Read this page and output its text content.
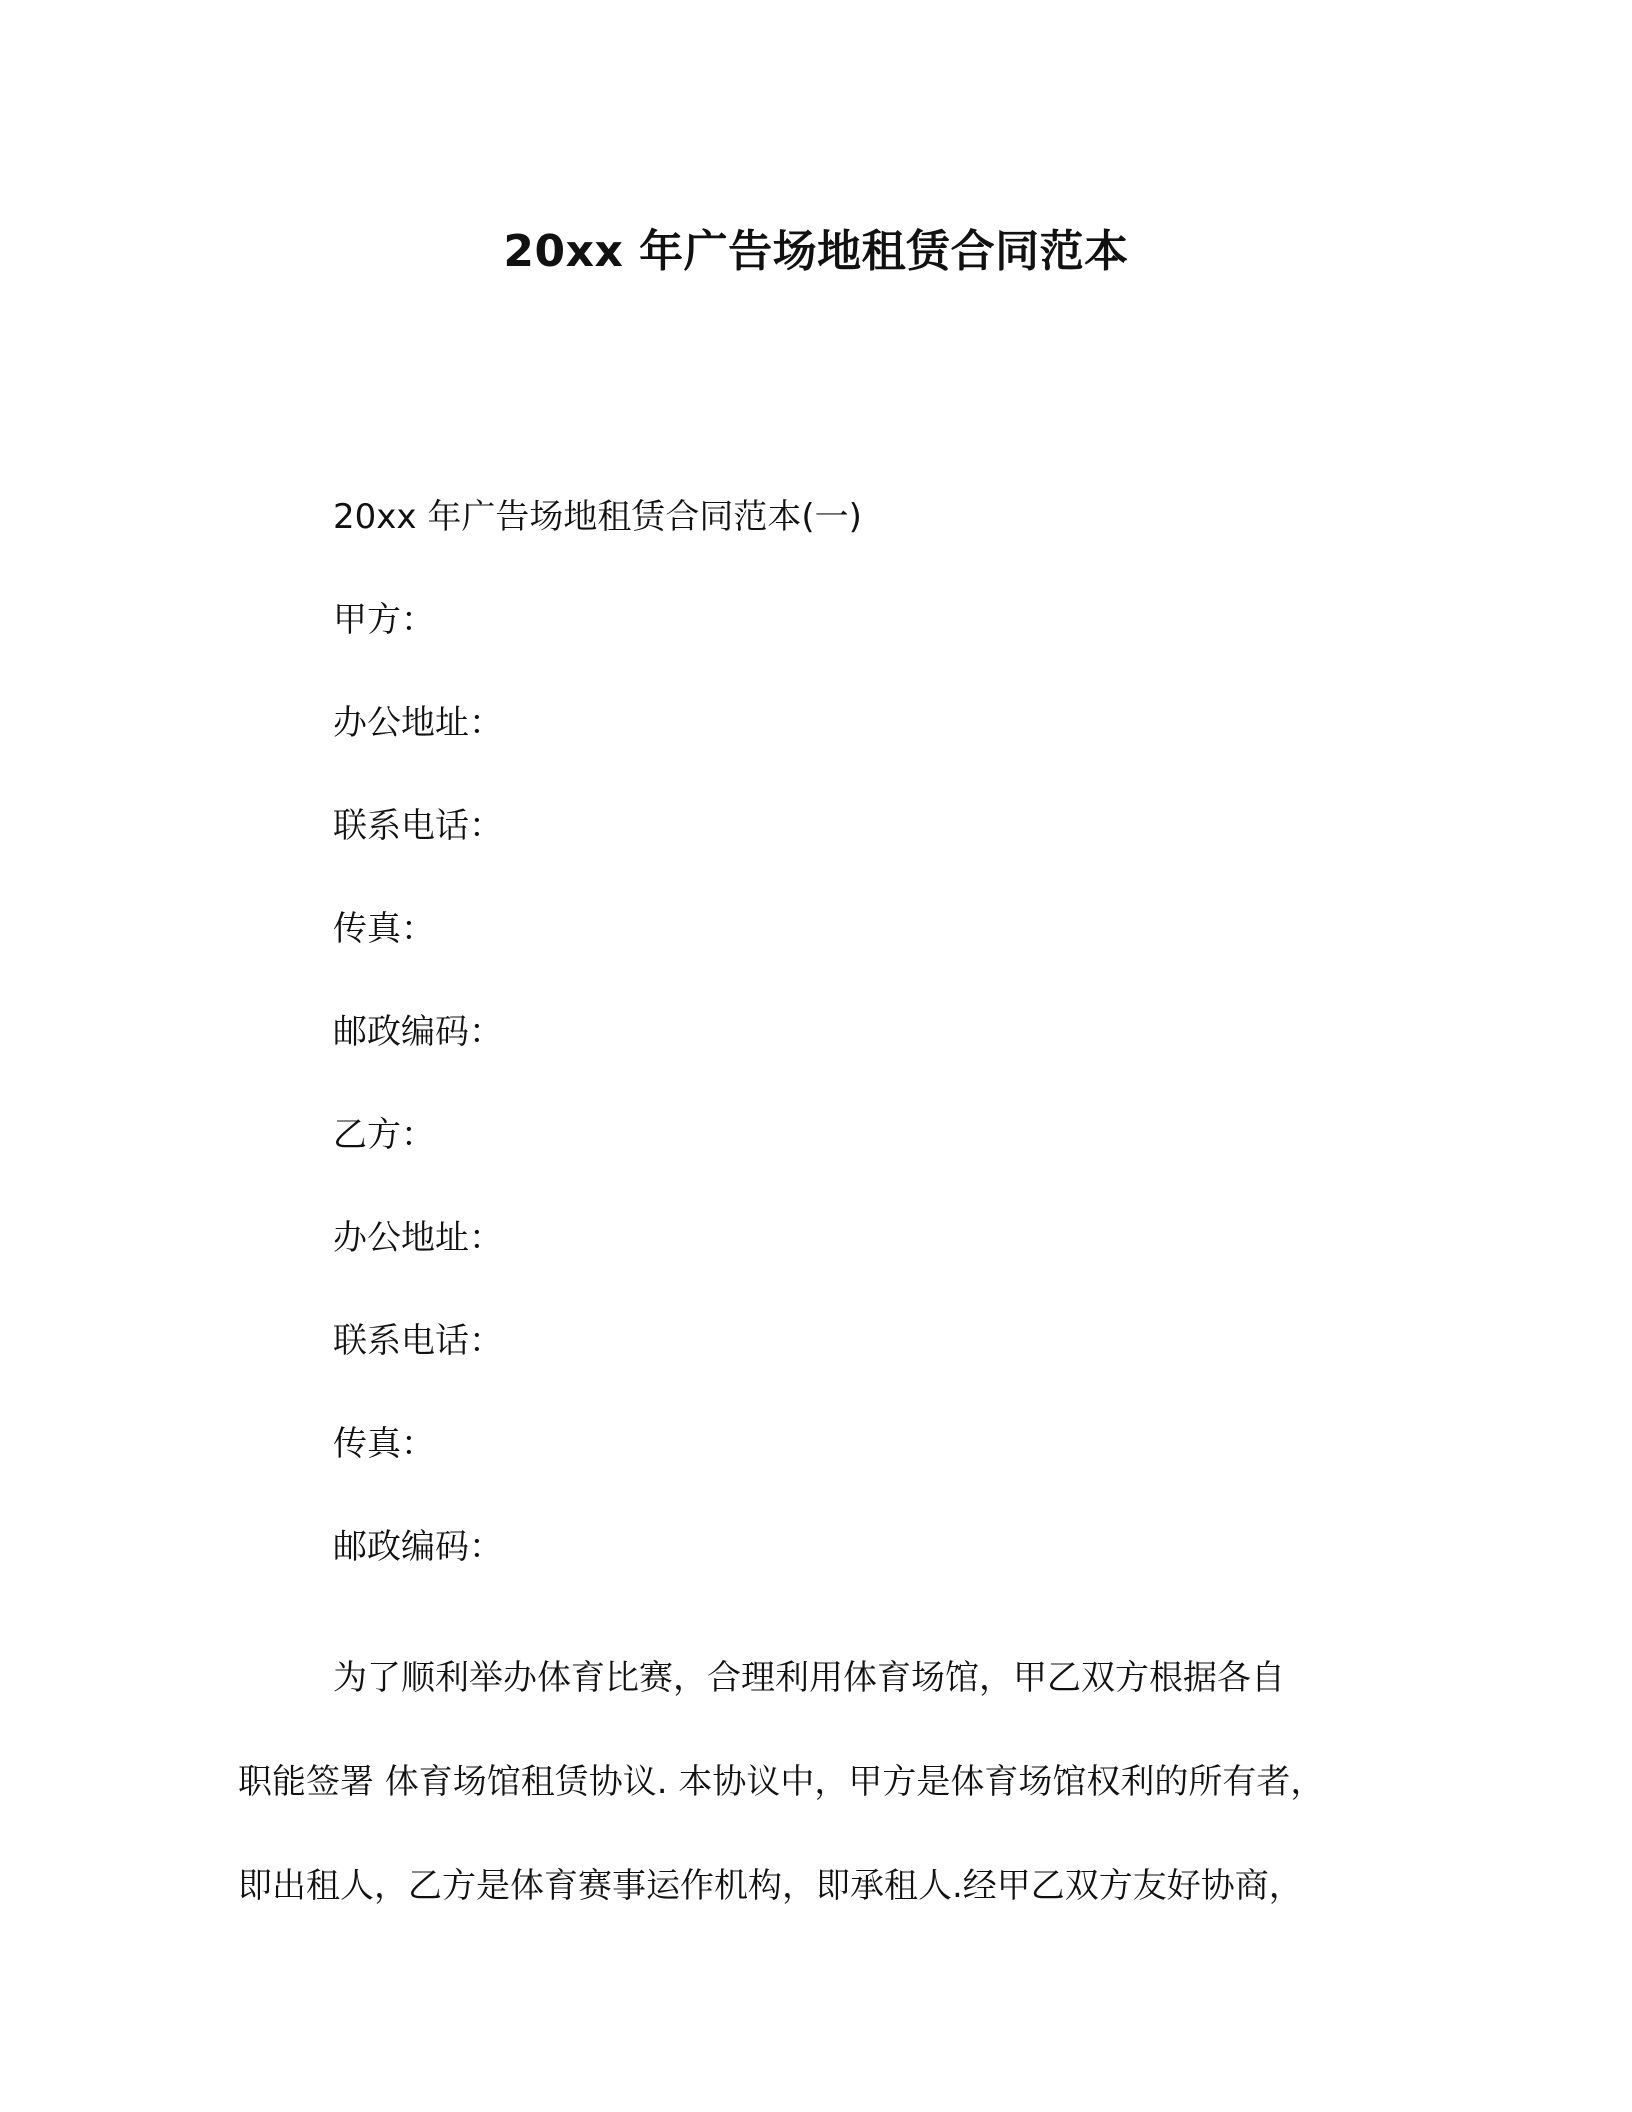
20xx 年广告场地租赁合同范本
20xx 年广告场地租赁合同范本(一)
甲方：
办公地址：
联系电话：
传真：
邮政编码：
乙方：
办公地址：
联系电话：
传真：
邮政编码：
为了顺利举办体育比赛，合理利用体育场馆，甲乙双方根据各自
职能签署 体育场馆租赁协议. 本协议中，甲方是体育场馆权利的所有者，
即出租人，乙方是体育赛事运作机构，即承租人.经甲乙双方友好协商，
